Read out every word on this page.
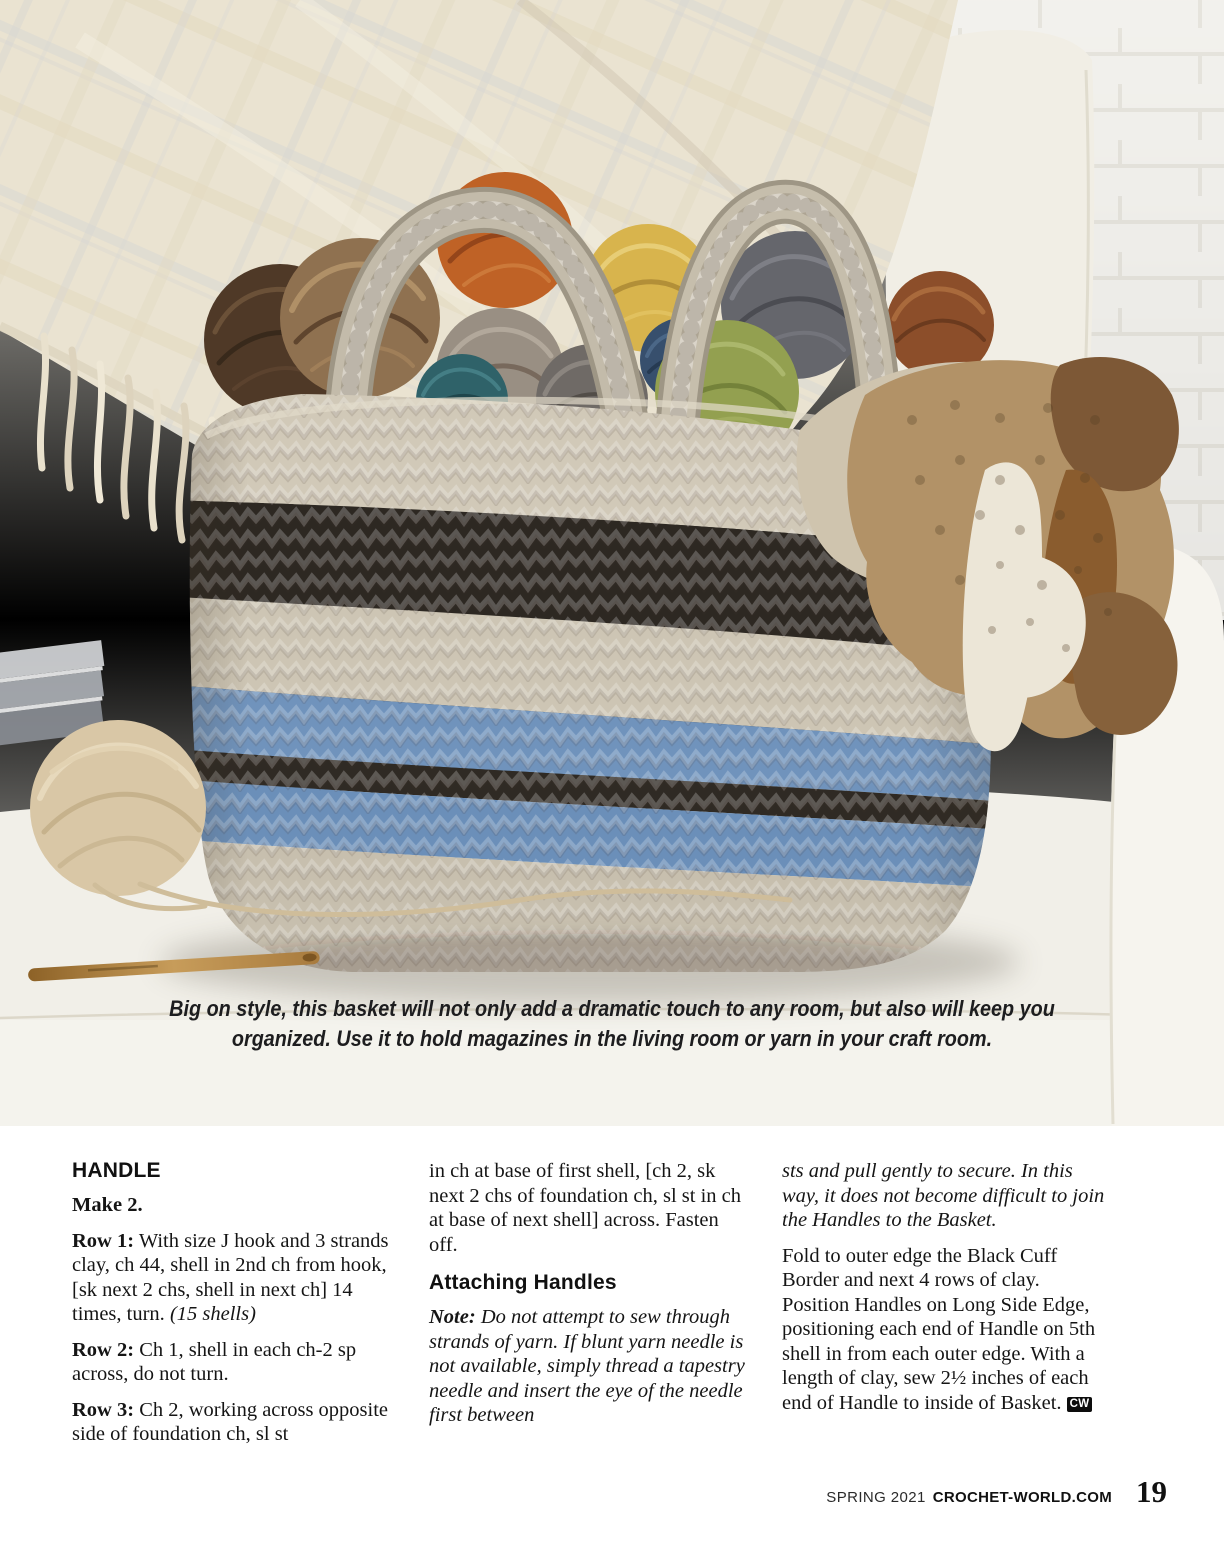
Big on style, this basket will not only add a dramatic touch to any room, but also will keep you
organized. Use it to hold magazines in the living room or yarn in your craft room.
HANDLE

Make 2.

Row 1: With size J hook and 3 strands clay, ch 44, shell in 2nd ch from hook, [sk next 2 chs, shell in next ch] 14 times, turn. (15 shells)

Row 2: Ch 1, shell in each ch-2 sp across, do not turn.

Row 3: Ch 2, working across opposite side of foundation ch, sl st

in ch at base of first shell, [ch 2, sk next 2 chs of foundation ch, sl st in ch at base of next shell] across. Fasten off.

Attaching Handles

Note: Do not attempt to sew through strands of yarn. If blunt yarn needle is not available, simply thread a tapestry needle and insert the eye of the needle first between

sts and pull gently to secure. In this way, it does not become difficult to join the Handles to the Basket.

Fold to outer edge the Black Cuff Border and next 4 rows of clay. Position Handles on Long Side Edge, positioning each end of Handle on 5th shell in from each outer edge. With a length of clay, sew 2½ inches of each end of Handle to inside of Basket. CW

SPRING 2021 CROCHET-WORLD.COM 19
